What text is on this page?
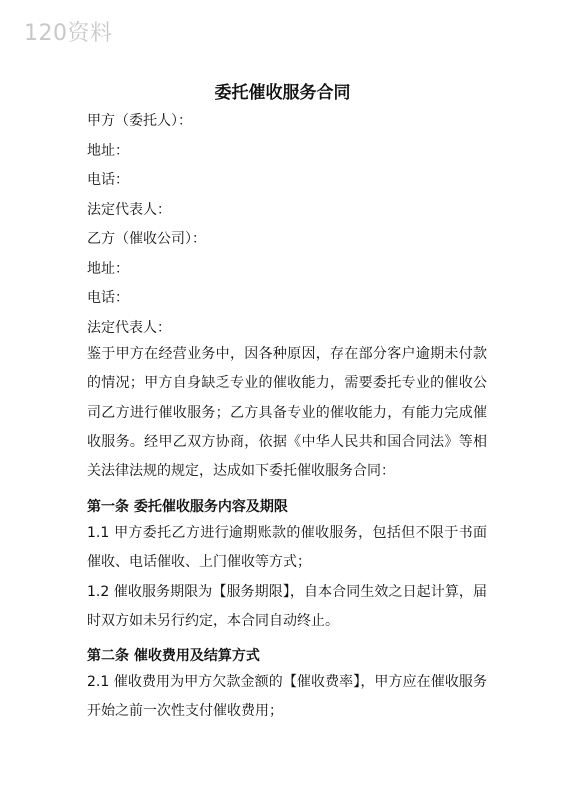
120资料
委托催收服务合同
甲方（委托人）：
地址：
电话：
法定代表人：
乙方（催收公司）：
地址：
电话：
法定代表人：
鉴于甲方在经营业务中，因各种原因，存在部分客户逾期未付款的情况；甲方自身缺乏专业的催收能力，需要委托专业的催收公司乙方进行催收服务；乙方具备专业的催收能力，有能力完成催收服务。经甲乙双方协商，依据《中华人民共和国合同法》等相关法律法规的规定，达成如下委托催收服务合同：
第一条 委托催收服务内容及期限
1.1 甲方委托乙方进行逾期账款的催收服务，包括但不限于书面催收、电话催收、上门催收等方式；
1.2 催收服务期限为【服务期限】，自本合同生效之日起计算，届时双方如未另行约定，本合同自动终止。
第二条 催收费用及结算方式
2.1 催收费用为甲方欠款金额的【催收费率】，甲方应在催收服务开始之前一次性支付催收费用；
